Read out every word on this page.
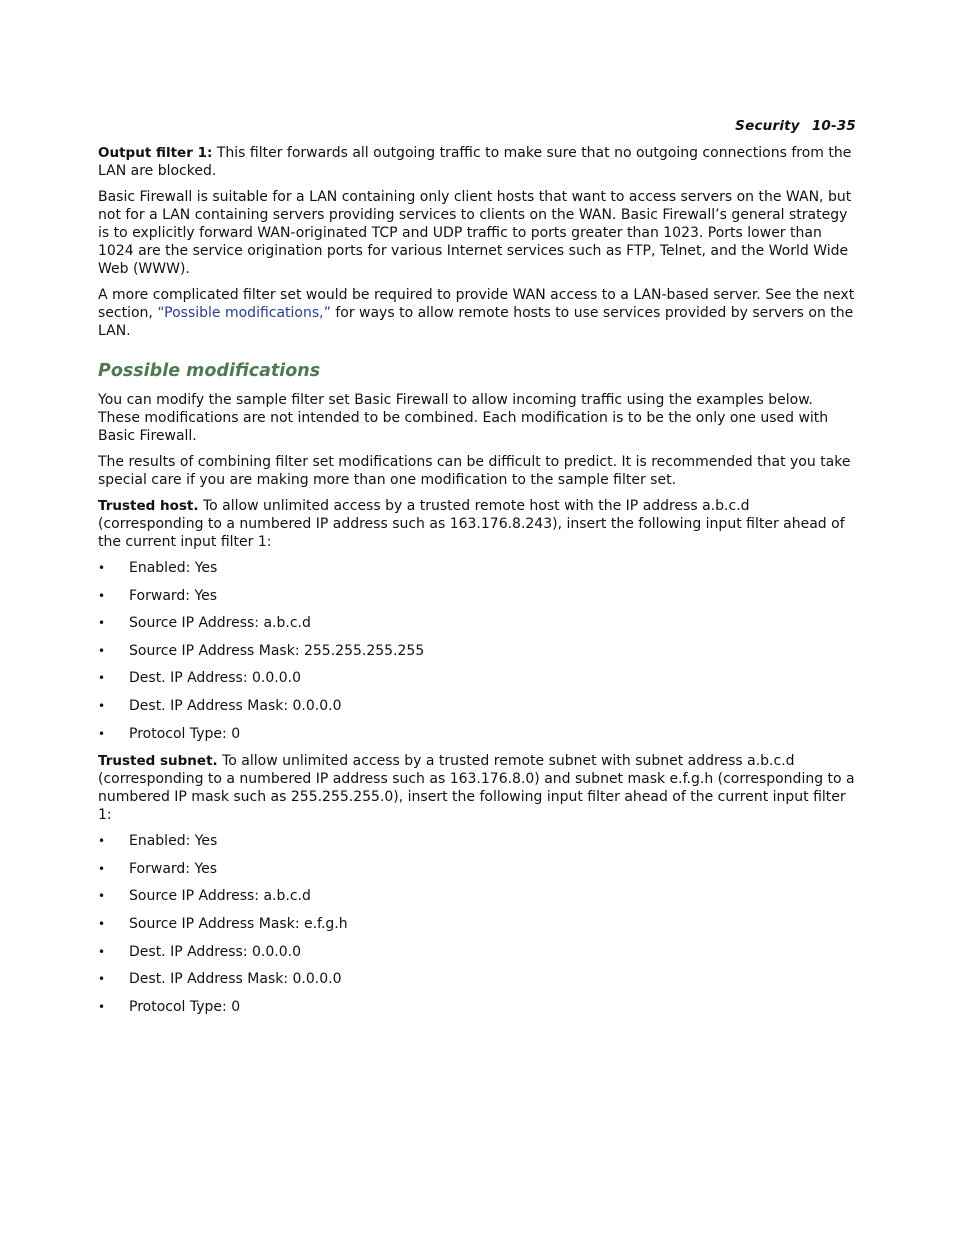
Security 10-35

Output filter 1: This filter forwards all outgoing traffic to make sure that no outgoing connections from the LAN are blocked.

Basic Firewall is suitable for a LAN containing only client hosts that want to access servers on the WAN, but not for a LAN containing servers providing services to clients on the WAN. Basic Firewall’s general strategy is to explicitly forward WAN-originated TCP and UDP traffic to ports greater than 1023. Ports lower than 1024 are the service origination ports for various Internet services such as FTP, Telnet, and the World Wide Web (WWW).

A more complicated filter set would be required to provide WAN access to a LAN-based server. See the next section, “Possible modifications,” for ways to allow remote hosts to use services provided by servers on the LAN.

Possible modifications

You can modify the sample filter set Basic Firewall to allow incoming traffic using the examples below. These modifications are not intended to be combined. Each modification is to be the only one used with Basic Firewall.

The results of combining filter set modifications can be difficult to predict. It is recommended that you take special care if you are making more than one modification to the sample filter set.

Trusted host. To allow unlimited access by a trusted remote host with the IP address a.b.c.d (corresponding to a numbered IP address such as 163.176.8.243), insert the following input filter ahead of the current input filter 1:

• Enabled: Yes
• Forward: Yes
• Source IP Address: a.b.c.d
• Source IP Address Mask: 255.255.255.255
• Dest. IP Address: 0.0.0.0
• Dest. IP Address Mask: 0.0.0.0
• Protocol Type: 0

Trusted subnet. To allow unlimited access by a trusted remote subnet with subnet address a.b.c.d (corresponding to a numbered IP address such as 163.176.8.0) and subnet mask e.f.g.h (corresponding to a numbered IP mask such as 255.255.255.0), insert the following input filter ahead of the current input filter 1:

• Enabled: Yes
• Forward: Yes
• Source IP Address: a.b.c.d
• Source IP Address Mask: e.f.g.h
• Dest. IP Address: 0.0.0.0
• Dest. IP Address Mask: 0.0.0.0
• Protocol Type: 0
